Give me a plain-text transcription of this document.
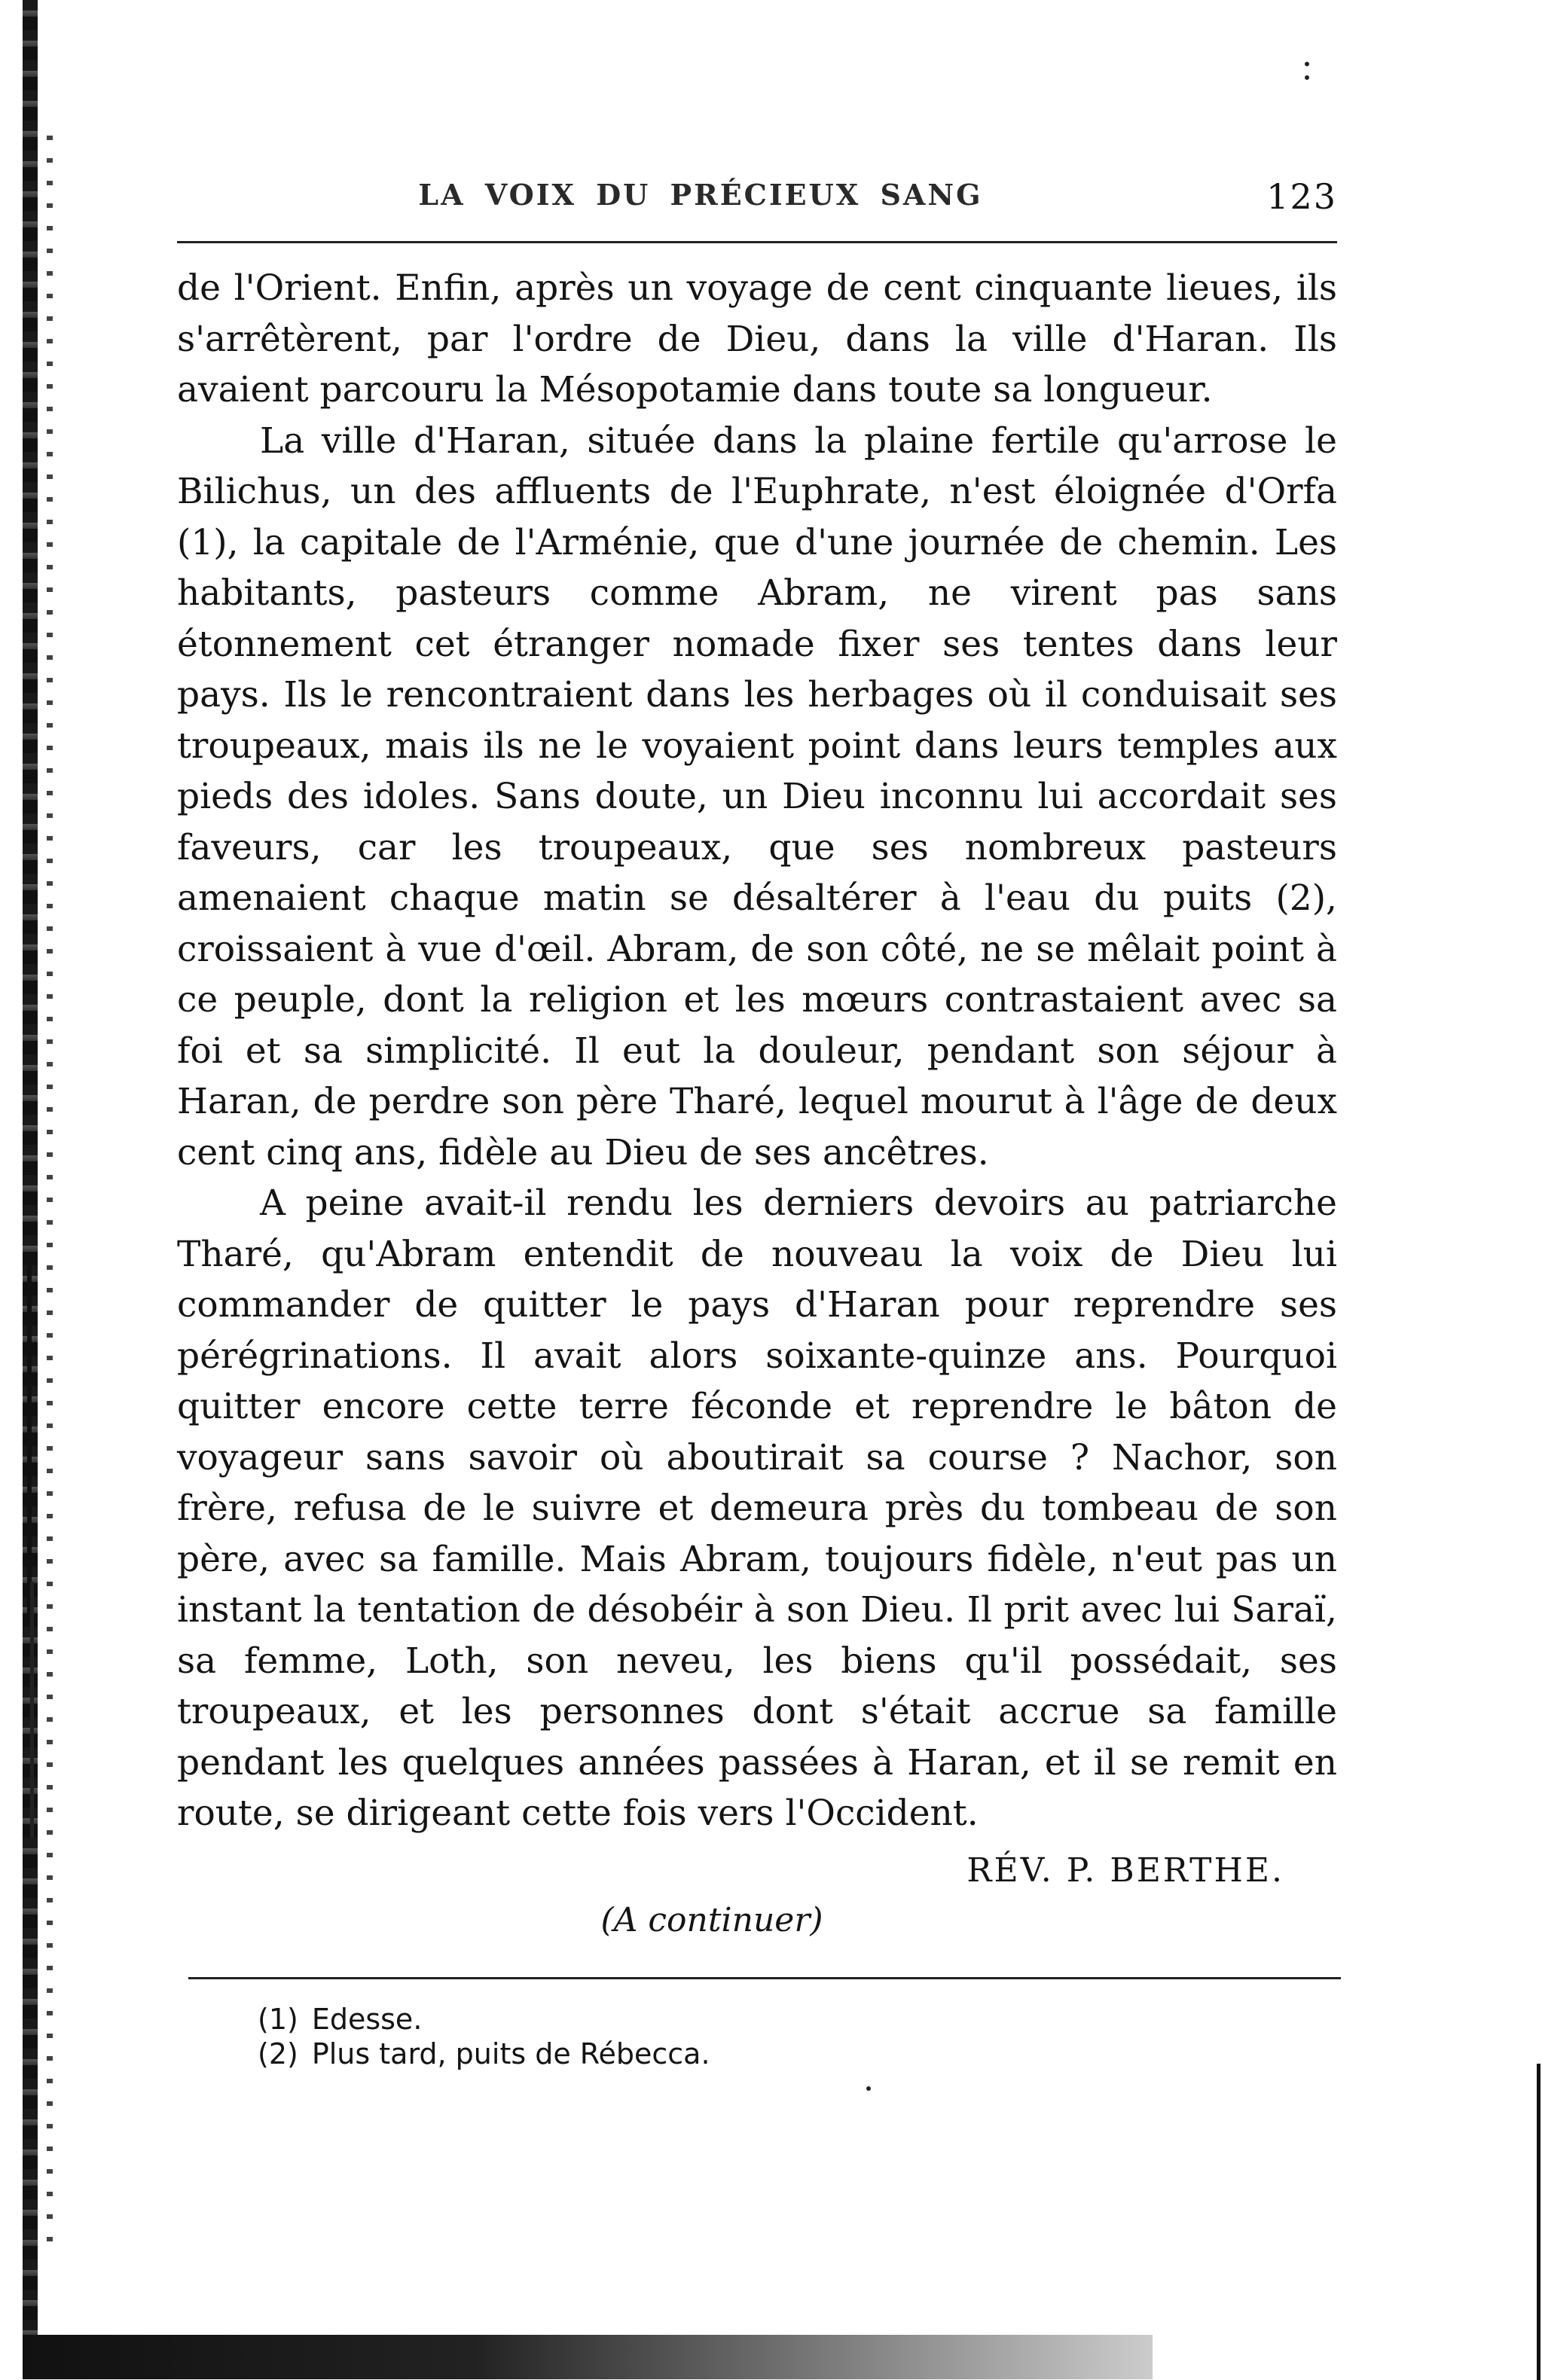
LA VOIX DU PRÉCIEUX SANG	123

de l'Orient. Enfin, après un voyage de cent cinquante lieues, ils s'arrêtèrent, par l'ordre de Dieu, dans la ville d'Haran. Ils avaient parcouru la Mésopotamie dans toute sa longueur.

La ville d'Haran, située dans la plaine fertile qu'arrose le Bilichus, un des affluents de l'Euphrate, n'est éloignée d'Orfa (1), la capitale de l'Arménie, que d'une journée de chemin. Les habitants, pasteurs comme Abram, ne virent pas sans étonnement cet étranger nomade fixer ses tentes dans leur pays. Ils le rencontraient dans les herbages où il conduisait ses troupeaux, mais ils ne le voyaient point dans leurs temples aux pieds des idoles. Sans doute, un Dieu inconnu lui accordait ses faveurs, car les troupeaux, que ses nombreux pasteurs amenaient chaque matin se désaltérer à l'eau du puits (2), croissaient à vue d'œil. Abram, de son côté, ne se mêlait point à ce peuple, dont la religion et les mœurs contrastaient avec sa foi et sa simplicité. Il eut la douleur, pendant son séjour à Haran, de perdre son père Tharé, lequel mourut à l'âge de deux cent cinq ans, fidèle au Dieu de ses ancêtres.

A peine avait-il rendu les derniers devoirs au patriarche Tharé, qu'Abram entendit de nouveau la voix de Dieu lui commander de quitter le pays d'Haran pour reprendre ses pérégrinations. Il avait alors soixante-quinze ans. Pourquoi quitter encore cette terre féconde et reprendre le bâton de voyageur sans savoir où aboutirait sa course ? Nachor, son frère, refusa de le suivre et demeura près du tombeau de son père, avec sa famille. Mais Abram, toujours fidèle, n'eut pas un instant la tentation de désobéir à son Dieu. Il prit avec lui Saraï, sa femme, Loth, son neveu, les biens qu'il possédait, ses troupeaux, et les personnes dont s'était accrue sa famille pendant les quelques années passées à Haran, et il se remit en route, se dirigeant cette fois vers l'Occident.

RÉV. P. BERTHE.
(A continuer)
(1) Edesse.
(2) Plus tard, puits de Rébecca.
